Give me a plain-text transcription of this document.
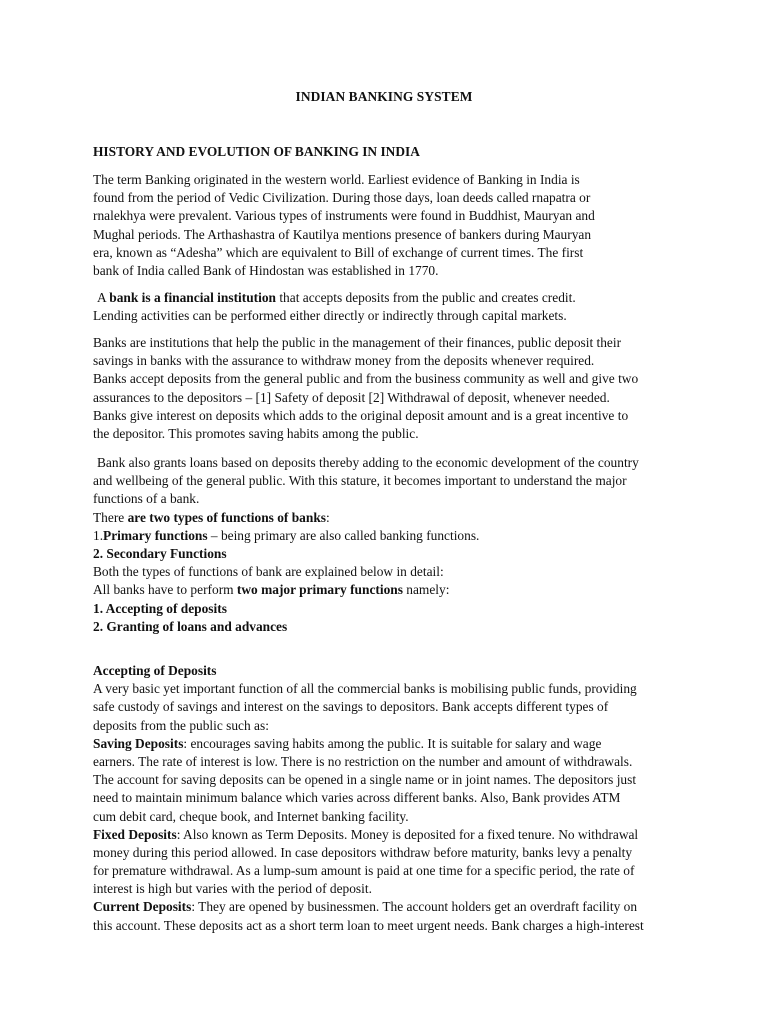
INDIAN BANKING SYSTEM
HISTORY AND EVOLUTION OF BANKING IN INDIA
The term Banking originated in the western world. Earliest evidence of Banking in India is
found from the period of Vedic Civilization. During those days, loan deeds called rnapatra or
rnalekhya were prevalent. Various types of instruments were found in Buddhist, Mauryan and
Mughal periods. The Arthashastra of Kautilya mentions presence of bankers during Mauryan
era, known as “Adesha” which are equivalent to Bill of exchange of current times. The first
bank of India called Bank of Hindostan was established in 1770.
A bank is a financial institution that accepts deposits from the public and creates credit.
Lending activities can be performed either directly or indirectly through capital markets.
Banks are institutions that help the public in the management of their finances, public deposit their
savings in banks with the assurance to withdraw money from the deposits whenever required.
Banks accept deposits from the general public and from the business community as well and give two
assurances to the depositors – [1] Safety of deposit [2] Withdrawal of deposit, whenever needed.
Banks give interest on deposits which adds to the original deposit amount and is a great incentive to
the depositor. This promotes saving habits among the public.
Bank also grants loans based on deposits thereby adding to the economic development of the country
and wellbeing of the general public. With this stature, it becomes important to understand the major
functions of a bank.
There are two types of functions of banks:
1.Primary functions – being primary are also called banking functions.
2. Secondary Functions
Both the types of functions of bank are explained below in detail:
All banks have to perform two major primary functions namely:
1. Accepting of deposits
2. Granting of loans and advances
Accepting of Deposits
A very basic yet important function of all the commercial banks is mobilising public funds, providing
safe custody of savings and interest on the savings to depositors. Bank accepts different types of
deposits from the public such as:
Saving Deposits: encourages saving habits among the public. It is suitable for salary and wage
earners. The rate of interest is low. There is no restriction on the number and amount of withdrawals.
The account for saving deposits can be opened in a single name or in joint names. The depositors just
need to maintain minimum balance which varies across different banks. Also, Bank provides ATM
cum debit card, cheque book, and Internet banking facility.
Fixed Deposits: Also known as Term Deposits. Money is deposited for a fixed tenure. No withdrawal
money during this period allowed. In case depositors withdraw before maturity, banks levy a penalty
for premature withdrawal. As a lump-sum amount is paid at one time for a specific period, the rate of
interest is high but varies with the period of deposit.
Current Deposits: They are opened by businessmen. The account holders get an overdraft facility on
this account. These deposits act as a short term loan to meet urgent needs. Bank charges a high-interest
